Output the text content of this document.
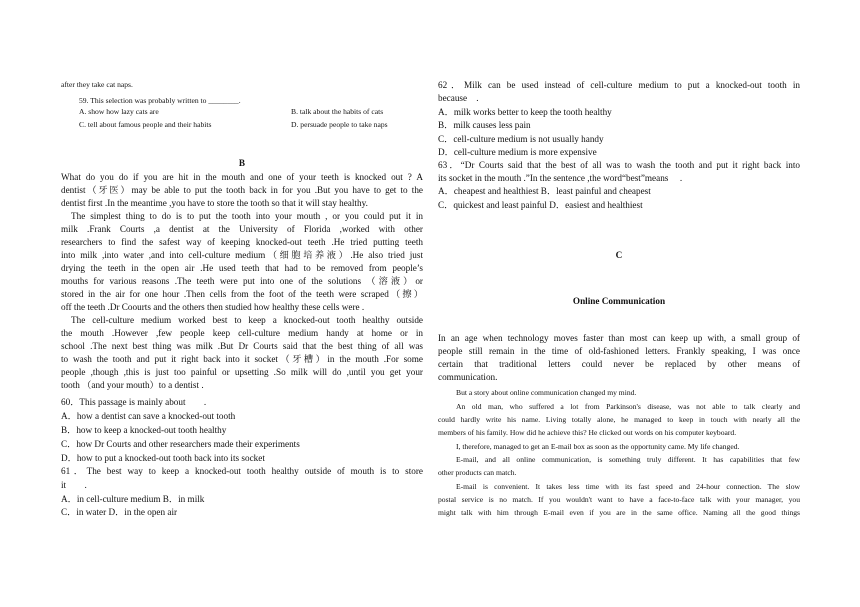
after they take cat naps.
59. This selection was probably written to ________.
A. show how lazy cats are	B. talk about the habits of cats
C. tell about famous people and their habits	D. persuade people to take naps
B
What do you do if you are hit in the mouth and one of your teeth is knocked out ? A
dentist（牙医）may be able to put the tooth back in for you .But you have to get to the
dentist first .In the meantime ,you have to store the tooth so that it will stay healthy.
The simplest thing to do is to put the tooth into your mouth , or you could put it in
milk .Frank Courts ,a dentist at the University of Florida ,worked with other
researchers to find the safest way of keeping knocked-out teeth .He tried putting teeth
into milk ,into water ,and into cell-culture medium（细胞培养液）.He also tried just
drying the teeth in the open air .He used teeth that had to be removed from people’s
mouths for various reasons .The teeth were put into one of the solutions （溶液）or
stored in the air for one hour .Then cells from the foot of the teeth were scraped（擦）
off the teeth .Dr Coourts and the others then studied how healthy these cells were .
The cell-culture medium worked best to keep a knocked-out tooth healthy outside
the mouth .However ,few people keep cell-culture medium handy at home or in
school .The next best thing was milk .But Dr Courts said that the best thing of all was
to wash the tooth and put it right back into it socket（牙槽）in the mouth .For some
people ,though ,this is just too painful or upsetting .So milk will do ,until you get your
tooth （and your mouth）to a dentist .
60．This passage is mainly about　　.
A．how a dentist can save a knocked-out tooth
B．how to keep a knocked-out tooth healthy
C．how Dr Courts and other researchers made their experiments
D．how to put a knocked-out tooth back into its socket
61．The best way to keep a knocked-out tooth healthy outside of mouth is to store
it　　.
A．in cell-culture medium B．in milk
C．in water D．in the open air
62．Milk can be used instead of cell-culture medium to put a knocked-out tooth in
because　.
A．milk works better to keep the tooth healthy
B．milk causes less pain
C．cell-culture medium is not usually handy
D．cell-culture medium is more expensive
63．“Dr Courts said that the best of all was to wash the tooth and put it right back into
its socket in the mouth .”In the sentence ,the word“best”means　 .
A．cheapest and healthiest B．least painful and cheapest
C．quickest and least painful D．easiest and healthiest
C
Online Communication
In an age when technology moves faster than most can keep up with, a small group of
people still remain in the time of old-fashioned letters. Frankly speaking, I was once
certain that traditional letters could never be replaced by other means of
communication.
But a story about online communication changed my mind.
An old man, who suffered a lot from Parkinson's disease, was not able to talk clearly and
could hardly write his name. Living totally alone, he managed to keep in touch with nearly all the
members of his family. How did he achieve this? He clicked out words on his computer keyboard.
I, therefore, managed to get an E-mail box as soon as the opportunity came. My life changed.
E-mail, and all online communication, is something truly different. It has capabilities that few
other products can match.
E-mail is convenient. It takes less time with its fast speed and 24-hour connection. The slow
postal service is no match. If you wouldn't want to have a face-to-face talk with your manager, you
might talk with him through E-mail even if you are in the same office. Naming all the good things
